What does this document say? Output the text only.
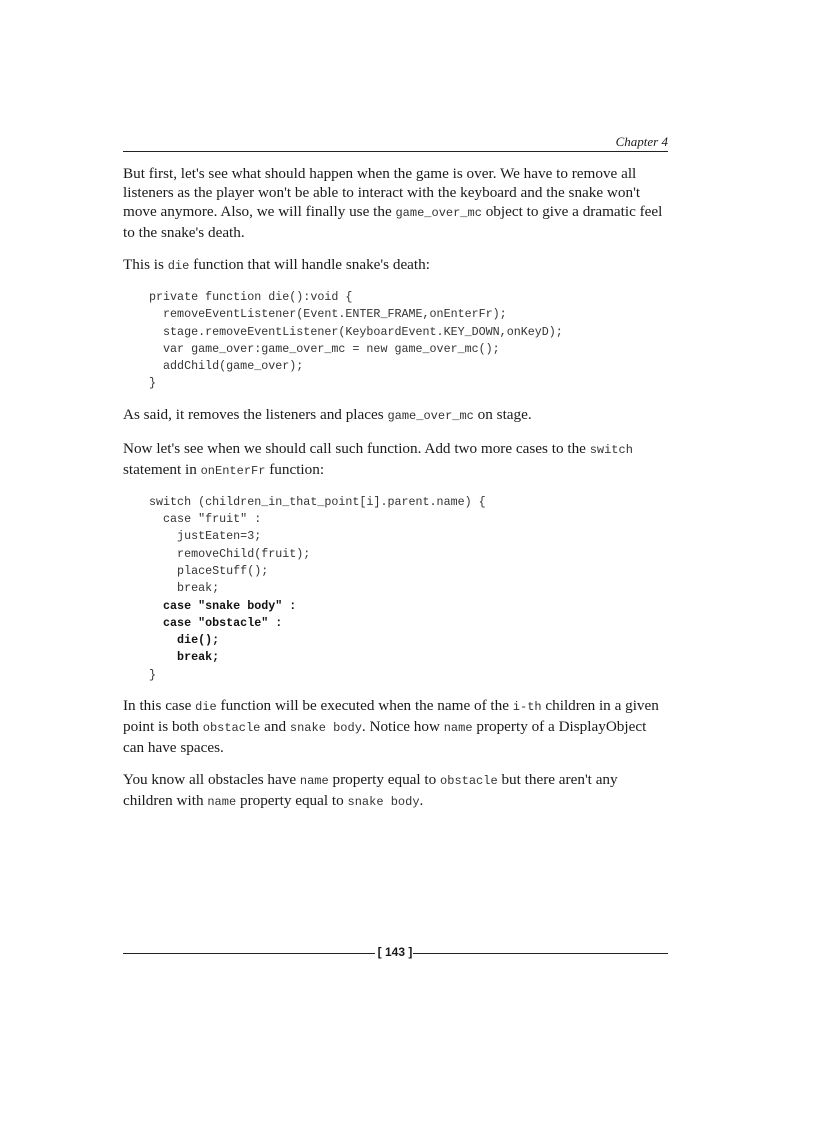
Chapter 4

But first, let's see what should happen when the game is over. We have to remove all listeners as the player won't be able to interact with the keyboard and the snake won't move anymore. Also, we will finally use the game_over_mc object to give a dramatic feel to the snake's death.

This is die function that will handle snake's death:

private function die():void {
removeEventListener(Event.ENTER_FRAME,onEnterFr);
stage.removeEventListener(KeyboardEvent.KEY_DOWN,onKeyD);
var game_over:game_over_mc = new game_over_mc();
addChild(game_over);
}

As said, it removes the listeners and places game_over_mc on stage.

Now let's see when we should call such function. Add two more cases to the switch statement in onEnterFr function:

switch (children_in_that_point[i].parent.name) {
case "fruit" :
justEaten=3;
removeChild(fruit);
placeStuff();
break;
case "snake body" :
case "obstacle" :
die();
break;
}

In this case die function will be executed when the name of the i-th children in a given point is both obstacle and snake body. Notice how name property of a DisplayObject can have spaces.

You know all obstacles have name property equal to obstacle but there aren't any children with name property equal to snake body.

[ 143 ]
